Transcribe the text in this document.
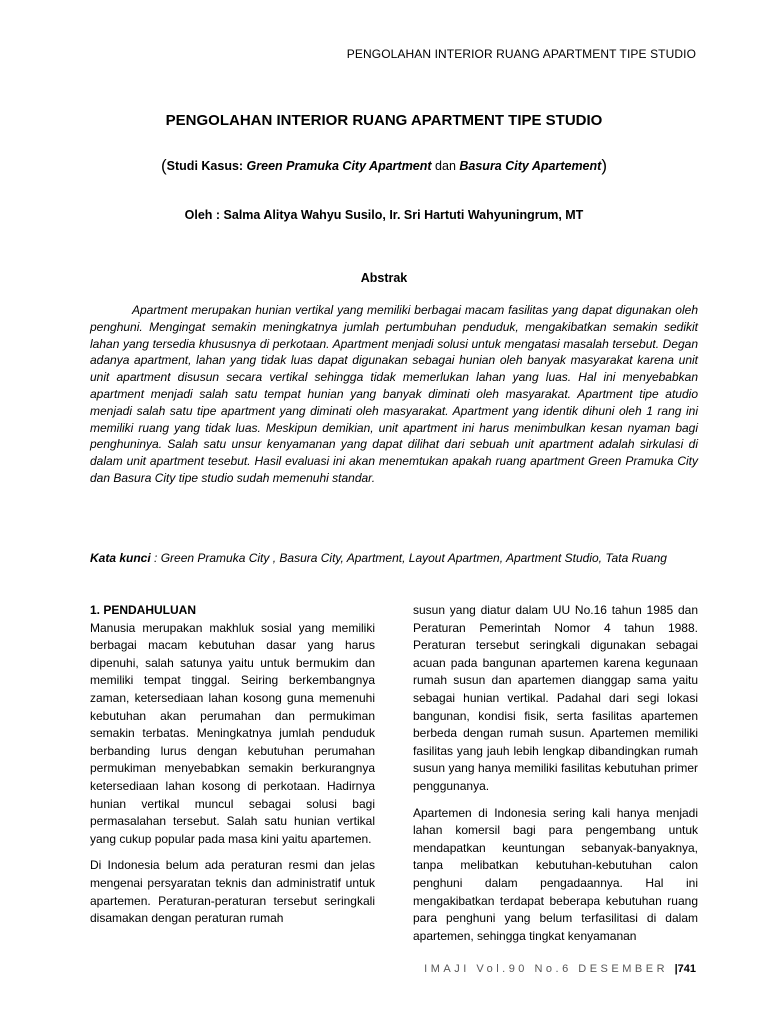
PENGOLAHAN INTERIOR RUANG APARTMENT TIPE STUDIO
PENGOLAHAN INTERIOR RUANG APARTMENT TIPE STUDIO
(Studi Kasus: Green Pramuka City Apartment dan Basura City Apartement)
Oleh : Salma Alitya Wahyu Susilo, Ir. Sri Hartuti Wahyuningrum, MT
Abstrak

Apartment merupakan hunian vertikal yang memiliki berbagai macam fasilitas yang dapat digunakan oleh penghuni. Mengingat semakin meningkatnya jumlah pertumbuhan penduduk, mengakibatkan semakin sedikit lahan yang tersedia khususnya di perkotaan. Apartment menjadi solusi untuk mengatasi masalah tersebut. Degan adanya apartment, lahan yang tidak luas dapat digunakan sebagai hunian oleh banyak masyarakat karena unit unit apartment disusun secara vertikal sehingga tidak memerlukan lahan yang luas. Hal ini menyebabkan apartment menjadi salah satu tempat hunian yang banyak diminati oleh masyarakat. Apartment tipe atudio menjadi salah satu tipe apartment yang diminati oleh masyarakat. Apartment yang identik dihuni oleh 1 rang ini memiliki ruang yang tidak luas. Meskipun demikian, unit apartment ini harus menimbulkan kesan nyaman bagi penghuninya. Salah satu unsur kenyamanan yang dapat dilihat dari sebuah unit apartment adalah sirkulasi di dalam unit apartment tesebut. Hasil evaluasi ini akan menemtukan apakah ruang apartment Green Pramuka City dan Basura City tipe studio sudah memenuhi standar.

Kata kunci : Green Pramuka City , Basura City, Apartment, Layout Apartmen, Apartment Studio, Tata Ruang
1. PENDAHULUAN

Manusia merupakan makhluk sosial yang memiliki berbagai macam kebutuhan dasar yang harus dipenuhi, salah satunya yaitu untuk bermukim dan memiliki tempat tinggal. Seiring berkembangnya zaman, ketersediaan lahan kosong guna memenuhi kebutuhan akan perumahan dan permukiman semakin terbatas. Meningkatnya jumlah penduduk berbanding lurus dengan kebutuhan perumahan permukiman menyebabkan semakin berkurangnya ketersediaan lahan kosong di perkotaan. Hadirnya hunian vertikal muncul sebagai solusi bagi permasalahan tersebut. Salah satu hunian vertikal yang cukup popular pada masa kini yaitu apartemen.

Di Indonesia belum ada peraturan resmi dan jelas mengenai persyaratan teknis dan administratif untuk apartemen. Peraturan-peraturan tersebut seringkali disamakan dengan peraturan rumah

susun yang diatur dalam UU No.16 tahun 1985 dan Peraturan Pemerintah Nomor 4 tahun 1988. Peraturan tersebut seringkali digunakan sebagai acuan pada bangunan apartemen karena kegunaan rumah susun dan apartemen dianggap sama yaitu sebagai hunian vertikal. Padahal dari segi lokasi bangunan, kondisi fisik, serta fasilitas apartemen berbeda dengan rumah susun. Apartemen memiliki fasilitas yang jauh lebih lengkap dibandingkan rumah susun yang hanya memiliki fasilitas kebutuhan primer penggunanya.

Apartemen di Indonesia sering kali hanya menjadi lahan komersil bagi para pengembang untuk mendapatkan keuntungan sebanyak-banyaknya, tanpa melibatkan kebutuhan-kebutuhan calon penghuni dalam pengadaannya. Hal ini mengakibatkan terdapat beberapa kebutuhan ruang para penghuni yang belum terfasilitasi di dalam apartemen, sehingga tingkat kenyamanan

IMAJI Vol.90 No.6 DESEMBER |741
